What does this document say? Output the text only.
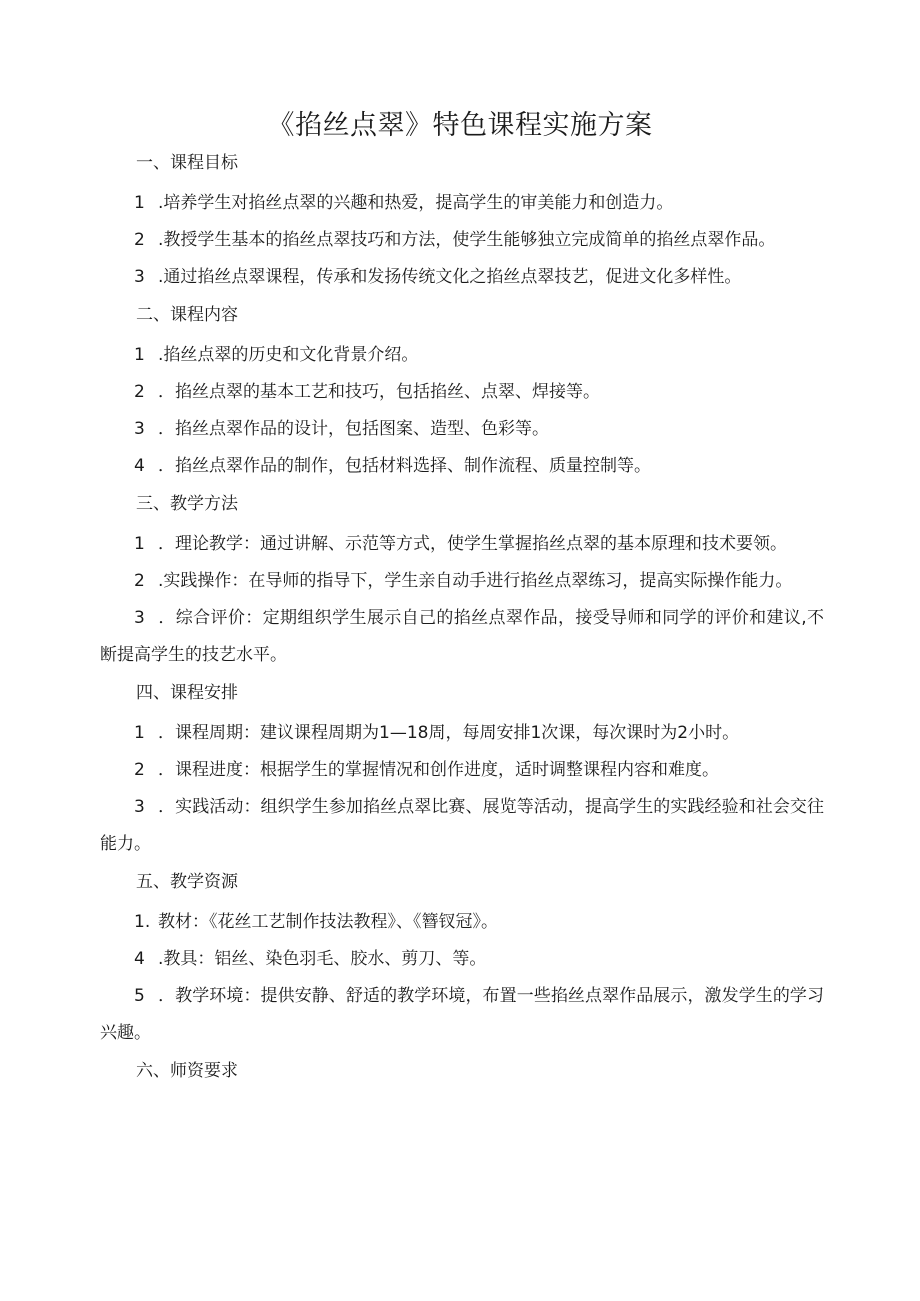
《掐丝点翠》特色课程实施方案
一、课程目标
1 .培养学生对掐丝点翠的兴趣和热爱，提高学生的审美能力和创造力。
2 .教授学生基本的掐丝点翠技巧和方法，使学生能够独立完成简单的掐丝点翠作品。
3 .通过掐丝点翠课程，传承和发扬传统文化之掐丝点翠技艺，促进文化多样性。
二、课程内容
1 .掐丝点翠的历史和文化背景介绍。
2 ．掐丝点翠的基本工艺和技巧，包括掐丝、点翠、焊接等。
3 ．掐丝点翠作品的设计，包括图案、造型、色彩等。
4 ．掐丝点翠作品的制作，包括材料选择、制作流程、质量控制等。
三、教学方法
1 ．理论教学：通过讲解、示范等方式，使学生掌握掐丝点翠的基本原理和技术要领。
2 .实践操作：在导师的指导下，学生亲自动手进行掐丝点翠练习，提高实际操作能力。
3 ．综合评价：定期组织学生展示自己的掐丝点翠作品，接受导师和同学的评价和建议,不断提高学生的技艺水平。
四、课程安排
1 ．课程周期：建议课程周期为1—18周，每周安排1次课，每次课时为2小时。
2 ．课程进度：根据学生的掌握情况和创作进度，适时调整课程内容和难度。
3 ．实践活动：组织学生参加掐丝点翠比赛、展览等活动，提高学生的实践经验和社会交往能力。
五、教学资源
1. 教材：《花丝工艺制作技法教程》、《簪钗冠》。
4 .教具：铝丝、染色羽毛、胶水、剪刀、等。
5 ．教学环境：提供安静、舒适的教学环境，布置一些掐丝点翠作品展示，激发学生的学习兴趣。
六、师资要求
